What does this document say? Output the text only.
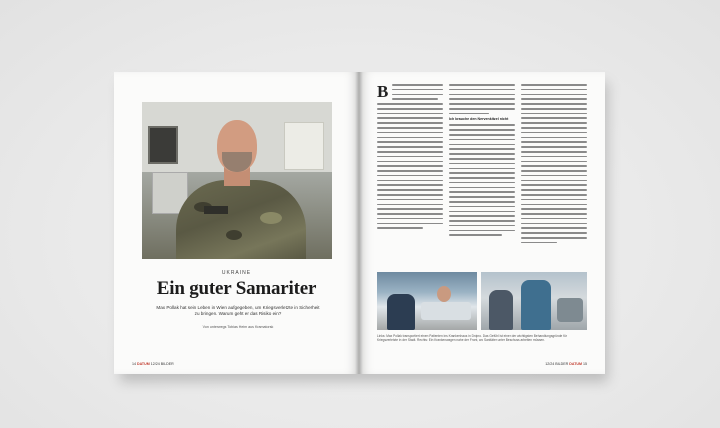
UKRAINE
Ein guter Samariter
Max Pollak hat sein Leben in Wien aufgegeben, um Kriegsverletzte in Sicherheit zu bringen. Warum geht er das Risiko ein?
Von unterwegs Tobias Heim aus Kramatorsk
14 DATUM 12/24 BILDER
B
Ich brauche den Nervenkitzel nicht
Links: Max Pollak transportiert einen Patienten ins Krankenhaus in Dnipro. Das Gefühl ist einer der wichtigsten Behandlungsgründe für Kriegsverletzte in der Stadt. Rechts: Ein Krankenwagen nahe der Front, wo Sanitäter unter Beschuss arbeiten müssen.
12/24 BILDER DATUM 15
